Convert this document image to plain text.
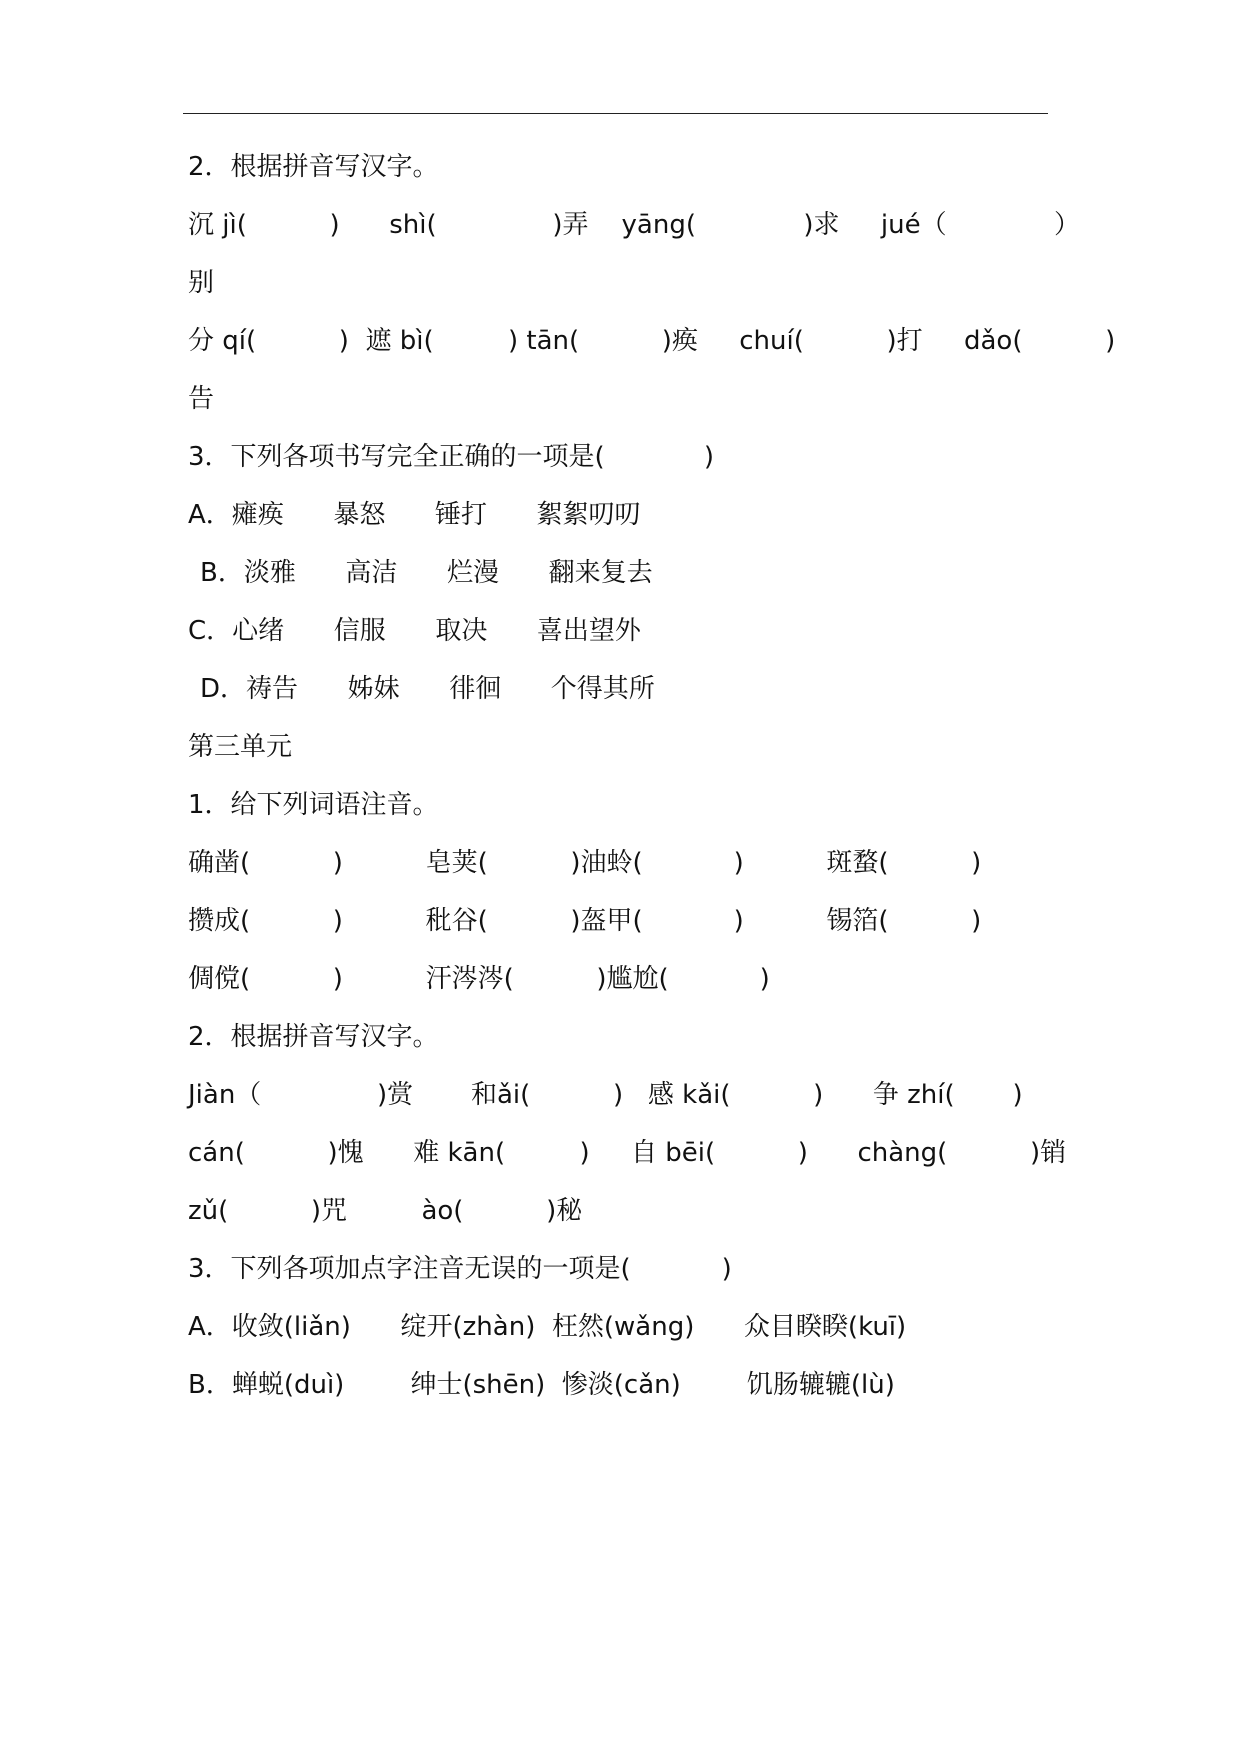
2．根据拼音写汉字。
沉 jì(          )      shì(              )弄    yāng(             )求     jué（             ）
别
分 qí(          )  遮 bì(         ) tān(          )痪     chuí(          )打     dǎo(          )
告
3．下列各项书写完全正确的一项是(            )
A．瘫痪      暴怒      锤打      絮絮叨叨
B．淡雅      高洁      烂漫      翻来复去
C．心绪      信服      取决      喜出望外
D．祷告      姊妹      徘徊      个得其所
第三单元
1．给下列词语注音。
确凿(          )          皂荚(          )油蛉(           )          斑蝥(          )
攒成(          )          秕谷(          )盔甲(           )          锡箔(          )
倜傥(          )          汗涔涔(          )尴尬(           )
2．根据拼音写汉字。
Jiàn（              )赏       和ǎi(          )   感 kǎi(          )      争 zhí(       )
cán(          )愧      难 kān(         )     自 bēi(          )      chàng(          )销
zǔ(          )咒         ào(          )秘
3．下列各项加点字注音无误的一项是(           )
A．收敛(liǎn)      绽开(zhàn)  枉然(wǎng)      众目睽睽(kuī)
B．蝉蜕(duì)        绅士(shēn)  惨淡(cǎn)        饥肠辘辘(lù)
